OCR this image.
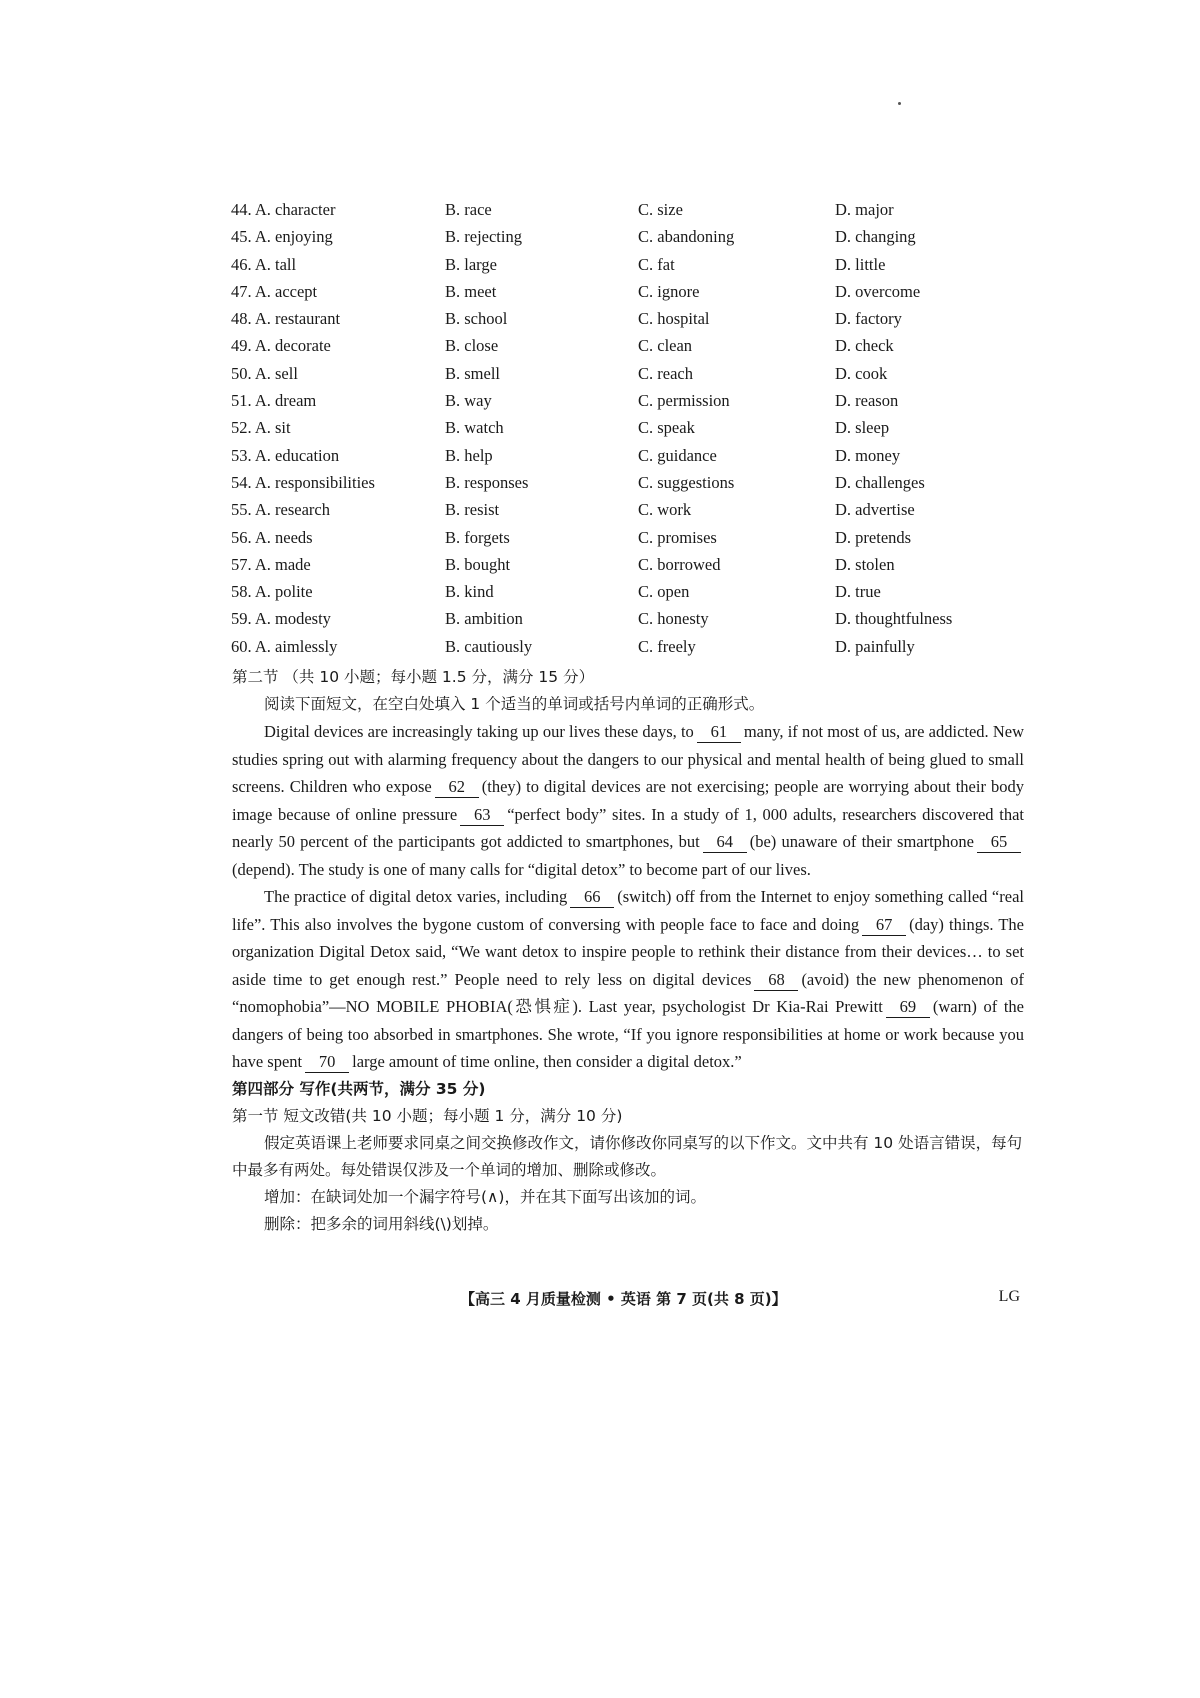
44. A. character	B. race	C. size	D. major
45. A. enjoying	B. rejecting	C. abandoning	D. changing
46. A. tall	B. large	C. fat	D. little
47. A. accept	B. meet	C. ignore	D. overcome
48. A. restaurant	B. school	C. hospital	D. factory
49. A. decorate	B. close	C. clean	D. check
50. A. sell	B. smell	C. reach	D. cook
51. A. dream	B. way	C. permission	D. reason
52. A. sit	B. watch	C. speak	D. sleep
53. A. education	B. help	C. guidance	D. money
54. A. responsibilities	B. responses	C. suggestions	D. challenges
55. A. research	B. resist	C. work	D. advertise
56. A. needs	B. forgets	C. promises	D. pretends
57. A. made	B. bought	C. borrowed	D. stolen
58. A. polite	B. kind	C. open	D. true
59. A. modesty	B. ambition	C. honesty	D. thoughtfulness
60. A. aimlessly	B. cautiously	C. freely	D. painfully
第二节 （共 10 小题；每小题 1.5 分，满分 15 分）
阅读下面短文，在空白处填入 1 个适当的单词或括号内单词的正确形式。

Digital devices are increasingly taking up our lives these days, to 61 many, if not most of us, are addicted. New studies spring out with alarming frequency about the dangers to our physical and mental health of being glued to small screens. Children who expose 62 (they) to digital devices are not exercising; people are worrying about their body image because of online pressure 63 “perfect body” sites. In a study of 1, 000 adults, researchers discovered that nearly 50 percent of the participants got addicted to smartphones, but 64 (be) unaware of their smartphone 65(depend). The study is one of many calls for “digital detox” to become part of our lives.

The practice of digital detox varies, including 66 (switch) off from the Internet to enjoy something called “real life”. This also involves the bygone custom of conversing with people face to face and doing 67 (day) things. The organization Digital Detox said, “We want detox to inspire people to rethink their distance from their devices… to set aside time to get enough rest.” People need to rely less on digital devices 68 (avoid) the new phenomenon of “nomophobia”—NO MOBILE PHOBIA(恐惧症). Last year, psychologist Dr Kia-Rai Prewitt 69 (warn) of the dangers of being too absorbed in smartphones. She wrote, “If you ignore responsibilities at home or work because you have spent 70 large amount of time online, then consider a digital detox.”

第四部分 写作(共两节，满分 35 分)
第一节 短文改错(共 10 小题；每小题 1 分，满分 10 分)
假定英语课上老师要求同桌之间交换修改作文，请你修改你同桌写的以下作文。文中共有 10 处语言错误，每句中最多有两处。每处错误仅涉及一个单词的增加、删除或修改。
增加：在缺词处加一个漏字符号(∧)，并在其下面写出该加的词。
删除：把多余的词用斜线(\)划掉。
【高三 4 月质量检测 • 英语 第 7 页(共 8 页)】	LG
